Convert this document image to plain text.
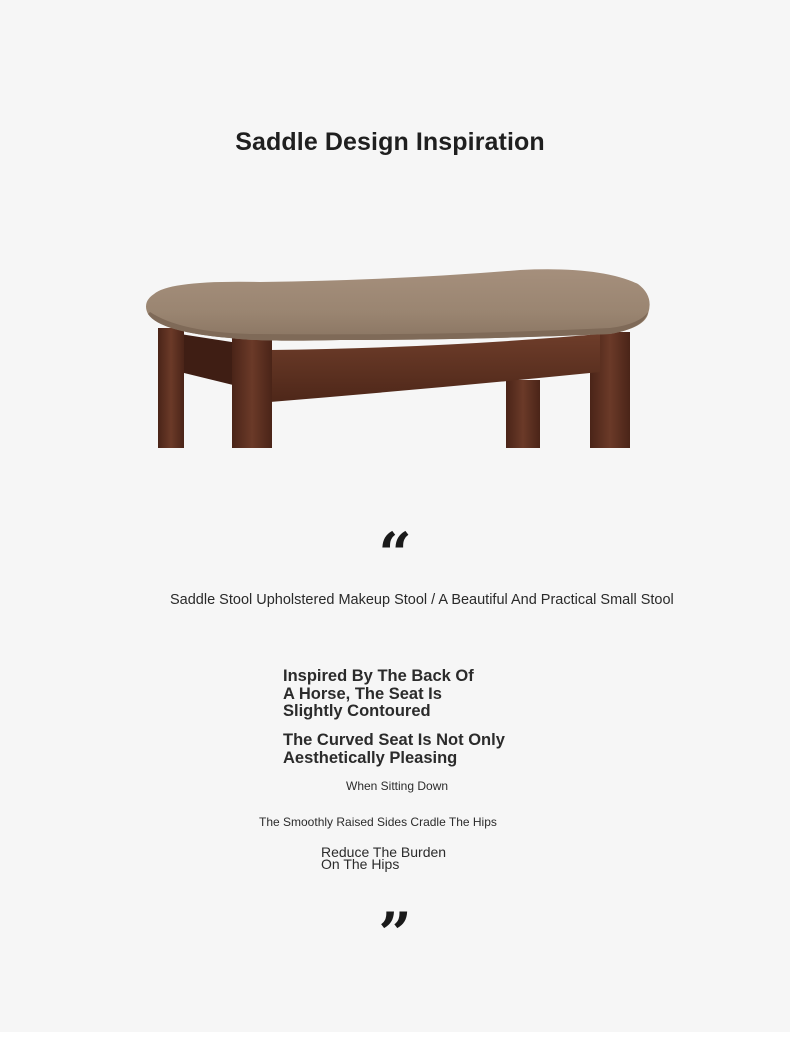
Saddle Design Inspiration
“
Saddle Stool Upholstered Makeup Stool / A Beautiful And Practical Small Stool
Inspired By The Back Of
A Horse, The Seat Is
Slightly Contoured
The Curved Seat Is Not Only
Aesthetically Pleasing
When Sitting Down
The Smoothly Raised Sides Cradle The Hips
Reduce The Burden
On The Hips
”
